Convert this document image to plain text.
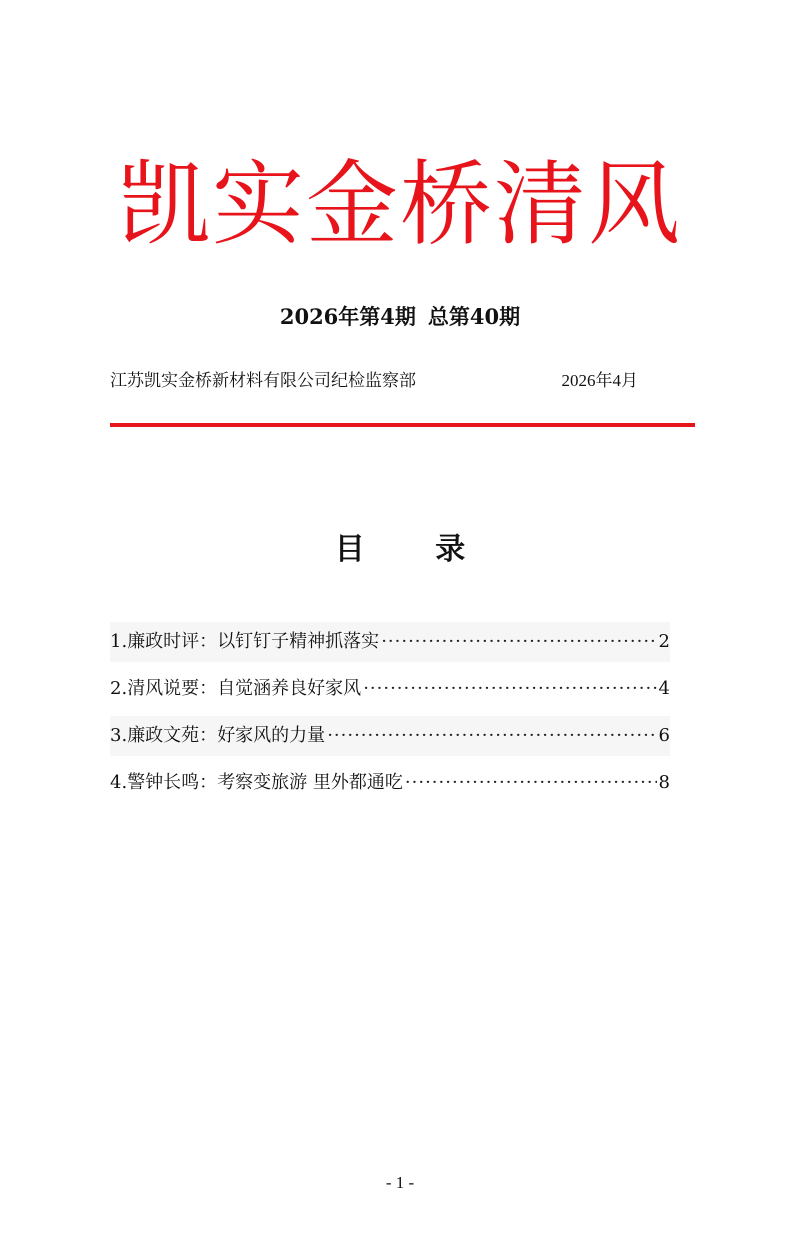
凯实金桥清风
2026年第4期 总第40期
江苏凯实金桥新材料有限公司纪检监察部	2026年4月
目 录
1. 廉政时评： 以钉钉子精神抓落实 ·····	2
2. 清风说要： 自觉涵养良好家风 ·····	4
3. 廉政文苑： 好家风的力量 ·····	6
4. 警钟长鸣： 考察变旅游 里外都通吃 ·····	8
- 1 -
